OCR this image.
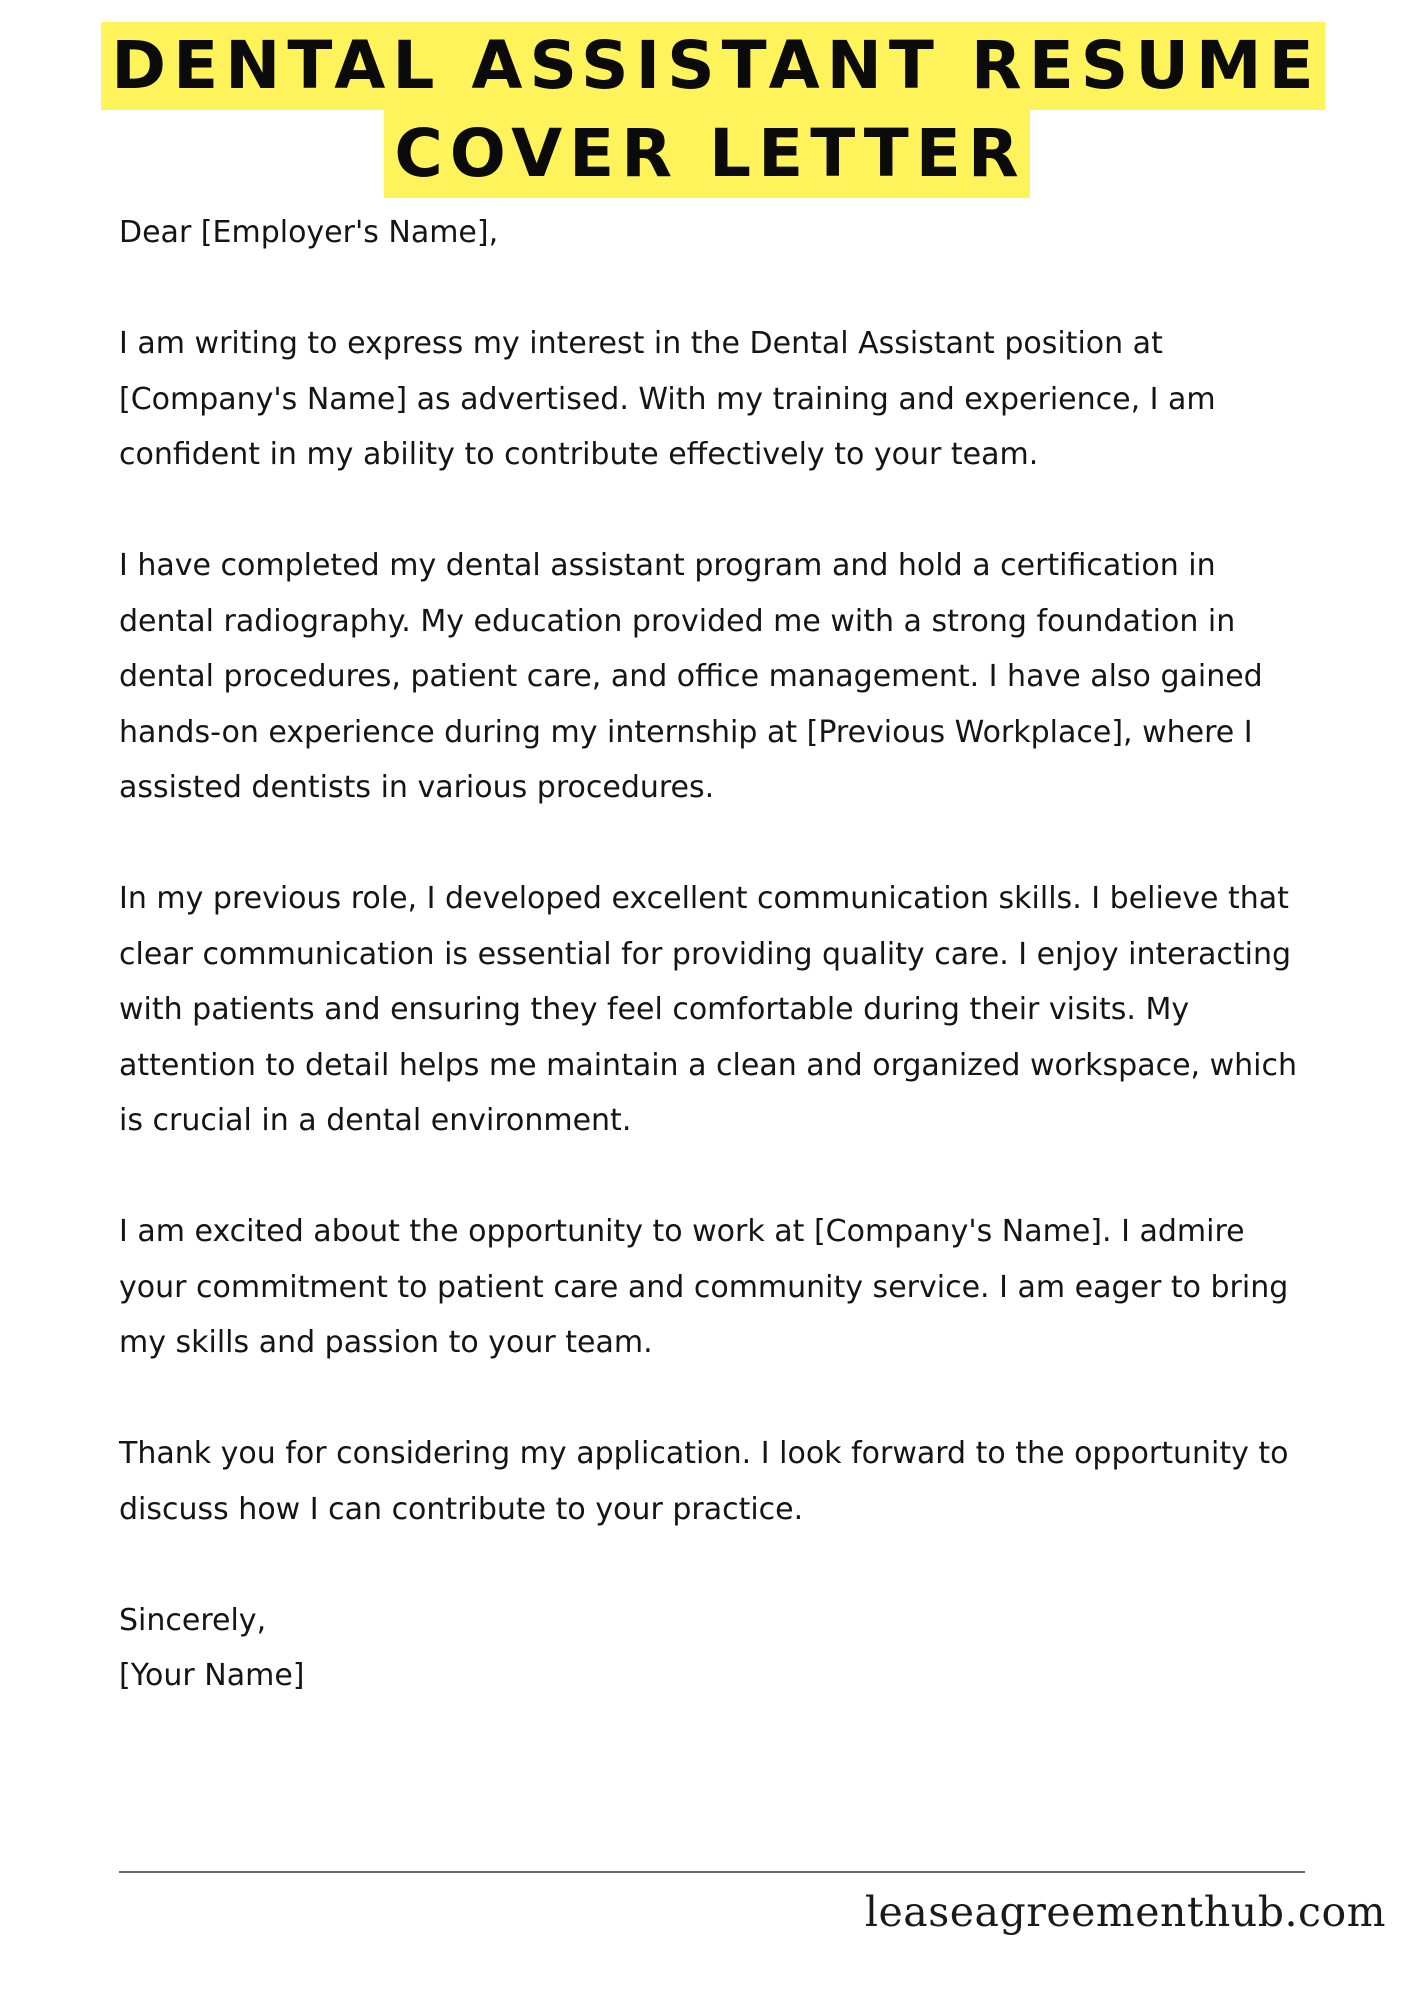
DENTAL ASSISTANT RESUME
COVER LETTER

Dear [Employer's Name],

I am writing to express my interest in the Dental Assistant position at [Company's Name] as advertised. With my training and experience, I am confident in my ability to contribute effectively to your team.

I have completed my dental assistant program and hold a certification in dental radiography. My education provided me with a strong foundation in dental procedures, patient care, and office management. I have also gained hands-on experience during my internship at [Previous Workplace], where I assisted dentists in various procedures.

In my previous role, I developed excellent communication skills. I believe that clear communication is essential for providing quality care. I enjoy interacting with patients and ensuring they feel comfortable during their visits. My attention to detail helps me maintain a clean and organized workspace, which is crucial in a dental environment.

I am excited about the opportunity to work at [Company's Name]. I admire your commitment to patient care and community service. I am eager to bring my skills and passion to your team.

Thank you for considering my application. I look forward to the opportunity to discuss how I can contribute to your practice.

Sincerely,

[Your Name]

leaseagreementhub.com
